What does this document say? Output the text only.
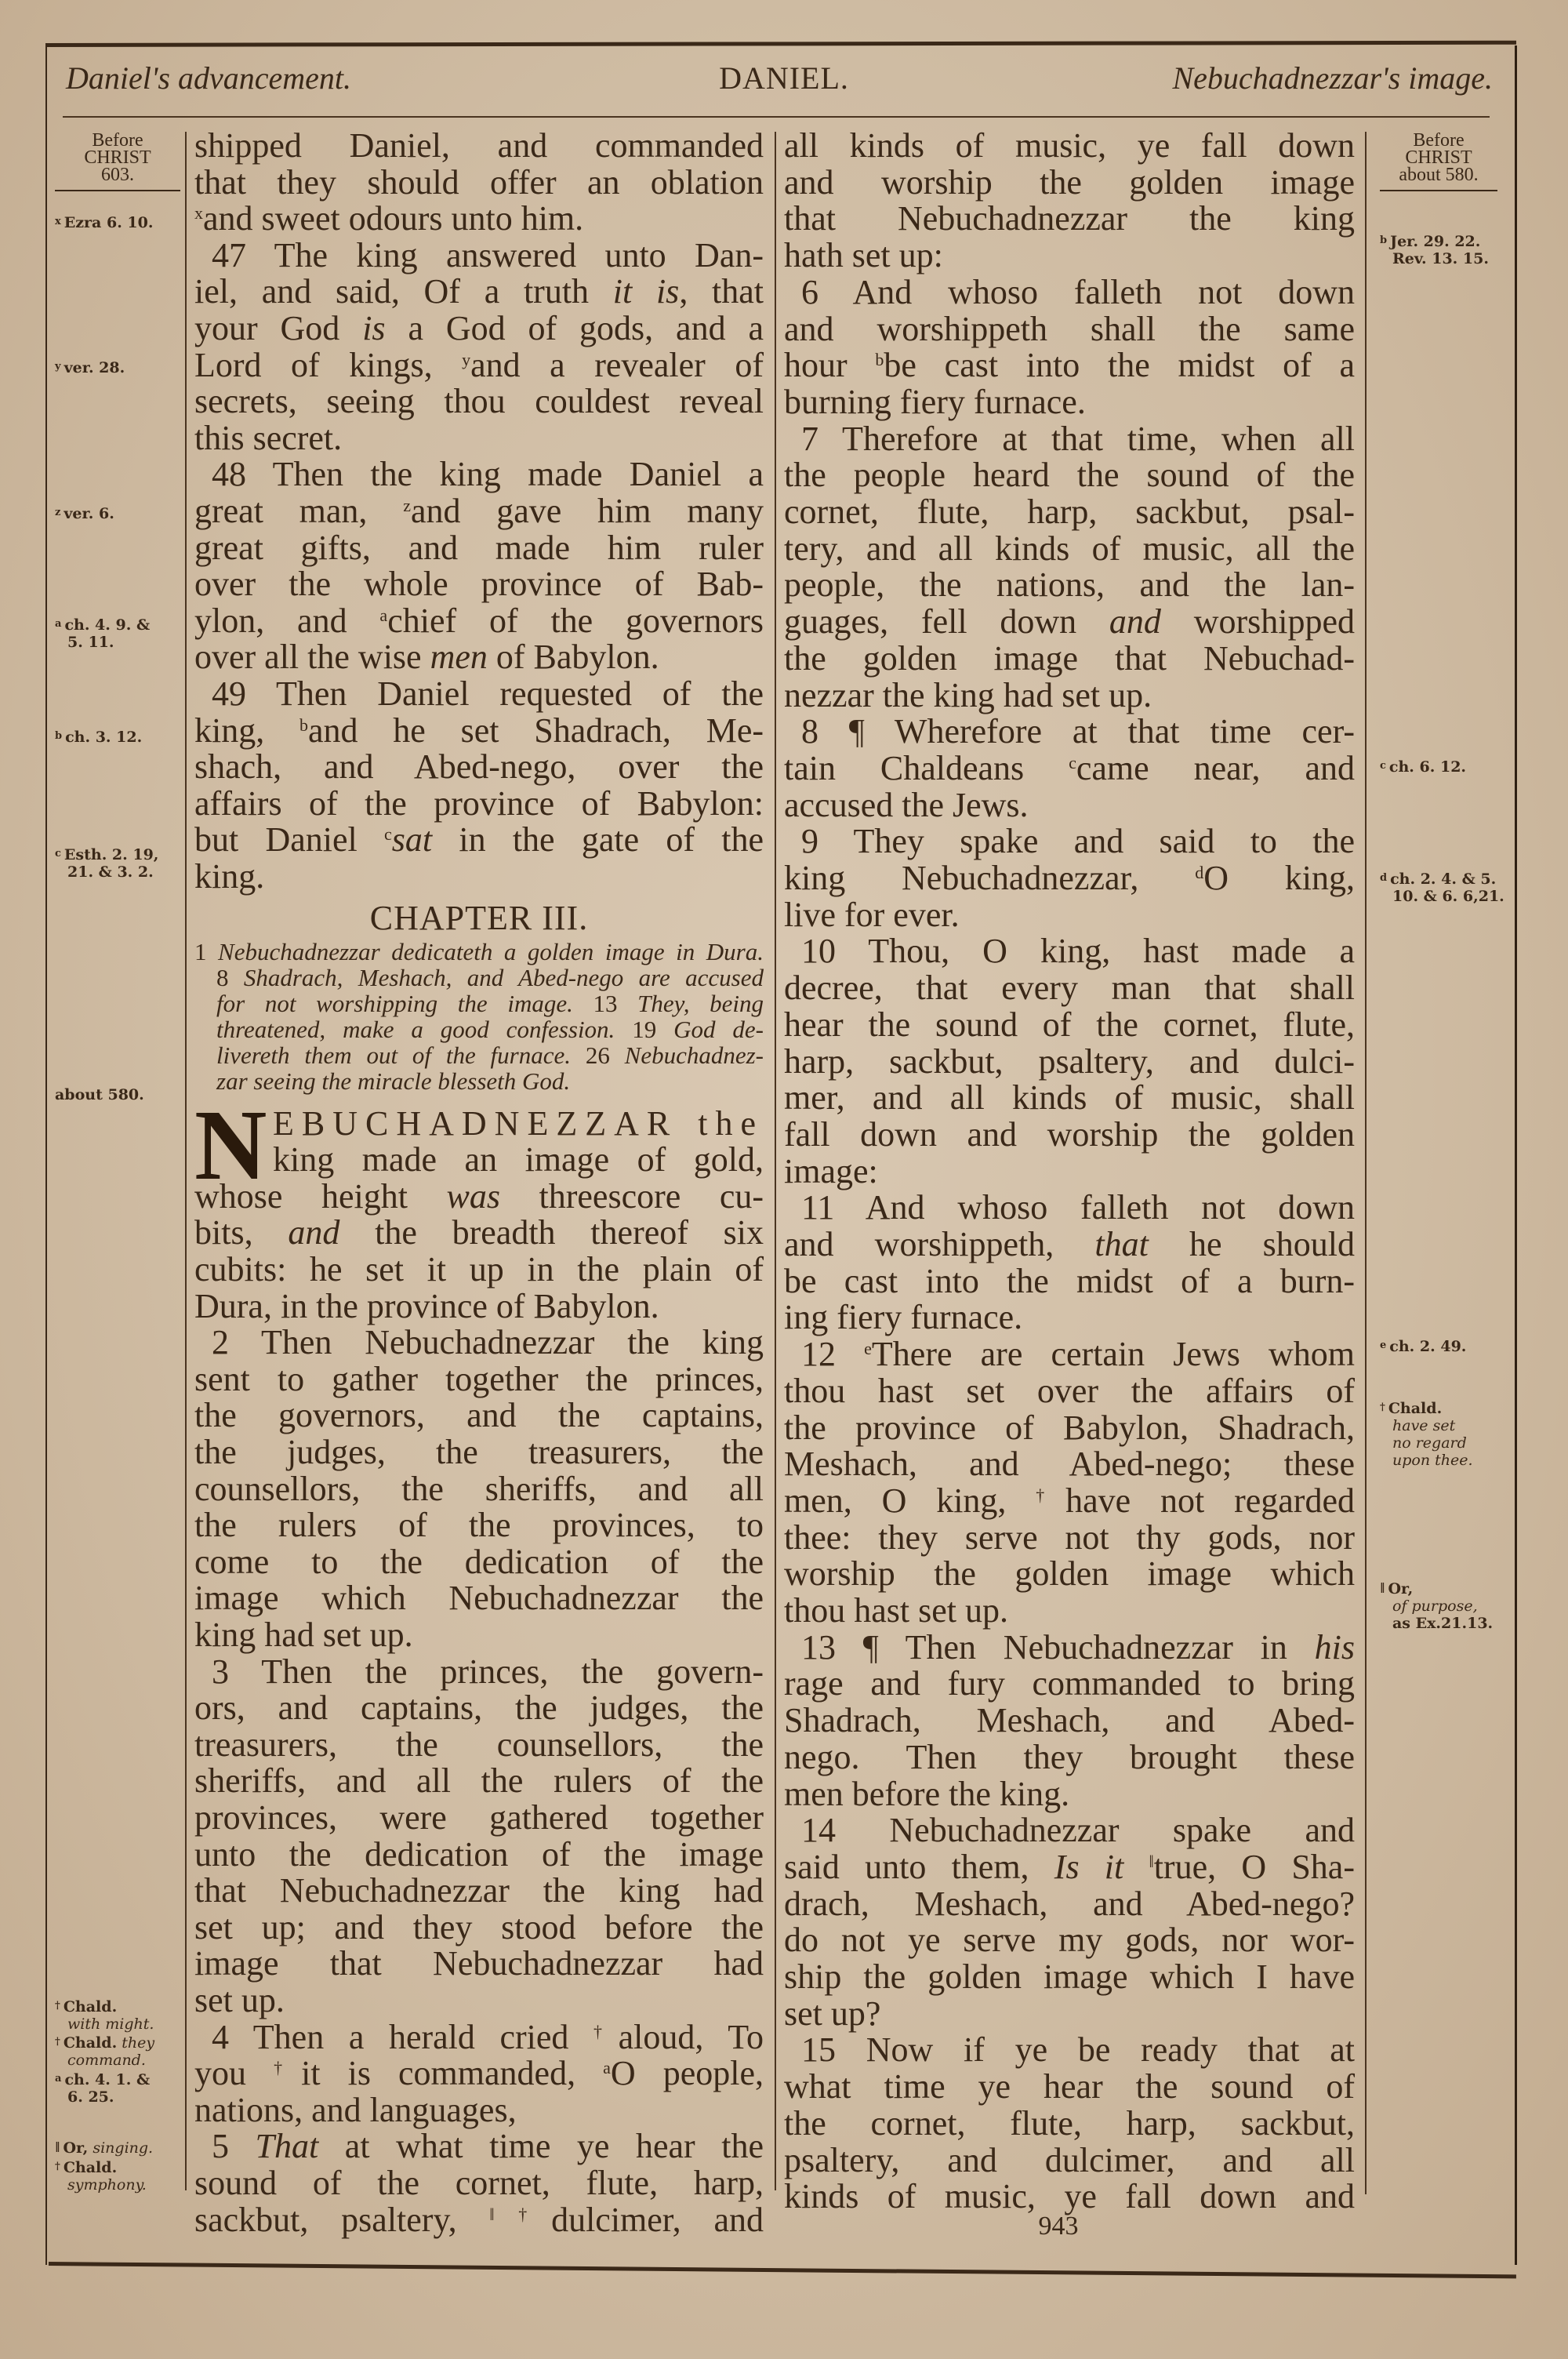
Daniel's advancement.	DANIEL.	Nebuchadnezzar's image.
Before
CHRIST
603.
$^x$ Ezra 6. 10.
$^y$ ver. 28.
$^z$ ver. 6.
$^a$ ch. 4. 9. &
5. 11.
$^b$ ch. 3. 12.
$^c$ Esth. 2. 19,
21. & 3. 2.
about 580.
† Chald.
with might.
† Chald. they
command.
$^a$ ch. 4. 1. &
6. 25.
‖ Or, singing.
† Chald.
symphony.
Before
CHRIST
about 580.
$^b$ Jer. 29. 22.
Rev. 13. 15.
$^c$ ch. 6. 12.
$^d$ ch. 2. 4. & 5.
10. & 6. 6,21.
$^e$ ch. 2. 49.
† Chald.
have set
no regard
upon thee.
‖ Or,
of purpose,
as Ex.21.13.
shipped Daniel, and commanded
that they should offer an oblation
$^x$and sweet odours unto him.
47 The king answered unto Dan-
iel, and said, Of a truth it is, that
your God is a God of gods, and a
Lord of kings, $^y$and a revealer of
secrets, seeing thou couldest reveal
this secret.
48 Then the king made Daniel a
great man, $^z$and gave him many
great gifts, and made him ruler
over the whole province of Bab-
ylon, and $^a$chief of the governors
over all the wise men of Babylon.
49 Then Daniel requested of the
king, $^b$and he set Shadrach, Me-
shach, and Abed-nego, over the
affairs of the province of Babylon:
but Daniel $^c$sat in the gate of the
king.
CHAPTER III.
1 Nebuchadnezzar dedicateth a golden image in Dura.
8 Shadrach, Meshach, and Abed-nego are accused
for not worshipping the image. 13 They, being
threatened, make a good confession. 19 God de-
livereth them out of the furnace. 26 Nebuchadnez-
zar seeing the miracle blesseth God.
N EBUCHADNEZZAR the
king made an image of gold,
whose height was threescore cu-
bits, and the breadth thereof six
cubits: he set it up in the plain of
Dura, in the province of Babylon.
2 Then Nebuchadnezzar the king
sent to gather together the princes,
the governors, and the captains,
the judges, the treasurers, the
counsellors, the sheriffs, and all
the rulers of the provinces, to
come to the dedication of the
image which Nebuchadnezzar the
king had set up.
3 Then the princes, the govern-
ors, and captains, the judges, the
treasurers, the counsellors, the
sheriffs, and all the rulers of the
provinces, were gathered together
unto the dedication of the image
that Nebuchadnezzar the king had
set up; and they stood before the
image that Nebuchadnezzar had
set up.
4 Then a herald cried †aloud, To
you †it is commanded, $^a$O people,
nations, and languages,
5 That at what time ye hear the
sound of the cornet, flute, harp,
sackbut, psaltery, ‖†dulcimer, and
all kinds of music, ye fall down
and worship the golden image
that Nebuchadnezzar the king
hath set up:
6 And whoso falleth not down
and worshippeth shall the same
hour $^b$be cast into the midst of a
burning fiery furnace.
7 Therefore at that time, when all
the people heard the sound of the
cornet, flute, harp, sackbut, psal-
tery, and all kinds of music, all the
people, the nations, and the lan-
guages, fell down and worshipped
the golden image that Nebuchad-
nezzar the king had set up.
8 ¶ Wherefore at that time cer-
tain Chaldeans $^c$came near, and
accused the Jews.
9 They spake and said to the
king Nebuchadnezzar, $^d$O king,
live for ever.
10 Thou, O king, hast made a
decree, that every man that shall
hear the sound of the cornet, flute,
harp, sackbut, psaltery, and dulci-
mer, and all kinds of music, shall
fall down and worship the golden
image:
11 And whoso falleth not down
and worshippeth, that he should
be cast into the midst of a burn-
ing fiery furnace.
12 $^e$There are certain Jews whom
thou hast set over the affairs of
the province of Babylon, Shadrach,
Meshach, and Abed-nego; these
men, O king, †have not regarded
thee: they serve not thy gods, nor
worship the golden image which
thou hast set up.
13 ¶ Then Nebuchadnezzar in his
rage and fury commanded to bring
Shadrach, Meshach, and Abed-
nego. Then they brought these
men before the king.
14 Nebuchadnezzar spake and
said unto them, Is it ‖true, O Sha-
drach, Meshach, and Abed-nego?
do not ye serve my gods, nor wor-
ship the golden image which I have
set up?
15 Now if ye be ready that at
what time ye hear the sound of
the cornet, flute, harp, sackbut,
psaltery, and dulcimer, and all
kinds of music, ye fall down and
943
